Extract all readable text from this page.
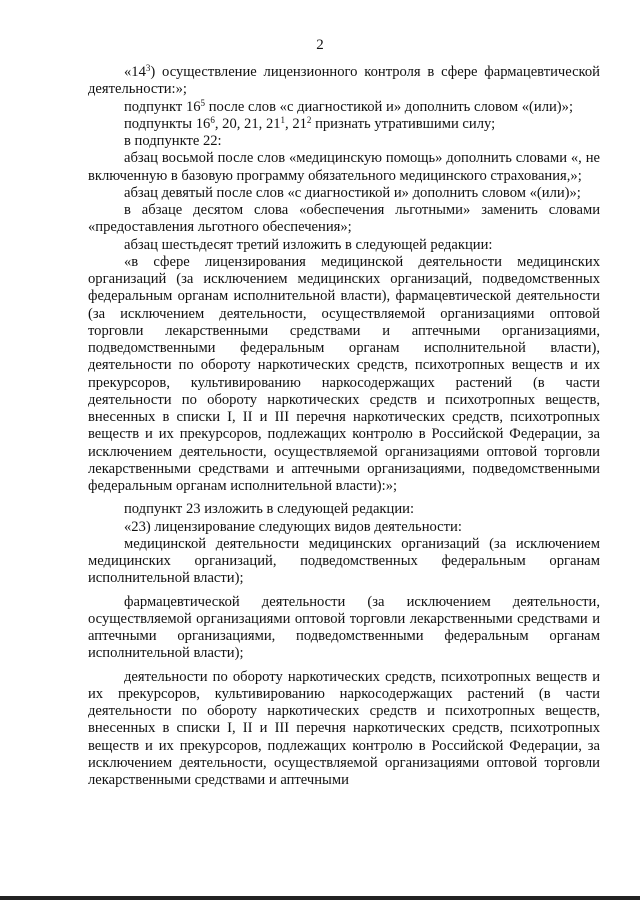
2

«$14^3$) осуществление лицензионного контроля в сфере фармацевтической деятельности:»;

подпункт $16^5$ после слов «с диагностикой и» дополнить словом «(или)»;

подпункты $16^6$, 20, 21, $21^1$, $21^2$ признать утратившими силу;

в подпункте 22:

абзац восьмой после слов «медицинскую помощь» дополнить словами «, не включенную в базовую программу обязательного медицинского страхования,»;

абзац девятый после слов «с диагностикой и» дополнить словом «(или)»;

в абзаце десятом слова «обеспечения льготными» заменить словами «предоставления льготного обеспечения»;

абзац шестьдесят третий изложить в следующей редакции:

«в сфере лицензирования медицинской деятельности медицинских организаций (за исключением медицинских организаций, подведомственных федеральным органам исполнительной власти), фармацевтической деятельности (за исключением деятельности, осуществляемой организациями оптовой торговли лекарственными средствами и аптечными организациями, подведомственными федеральным органам исполнительной власти), деятельности по обороту наркотических средств, психотропных веществ и их прекурсоров, культивированию наркосодержащих растений (в части деятельности по обороту наркотических средств и психотропных веществ, внесенных в списки I, II и III перечня наркотических средств, психотропных веществ и их прекурсоров, подлежащих контролю в Российской Федерации, за исключением деятельности, осуществляемой организациями оптовой торговли лекарственными средствами и аптечными организациями, подведомственными федеральным органам исполнительной власти):»;

подпункт 23 изложить в следующей редакции:

«23) лицензирование следующих видов деятельности:

медицинской деятельности медицинских организаций (за исключением медицинских организаций, подведомственных федеральным органам исполнительной власти);

фармацевтической деятельности (за исключением деятельности, осуществляемой организациями оптовой торговли лекарственными средствами и аптечными организациями, подведомственными федеральным органам исполнительной власти);

деятельности по обороту наркотических средств, психотропных веществ и их прекурсоров, культивированию наркосодержащих растений (в части деятельности по обороту наркотических средств и психотропных веществ, внесенных в списки I, II и III перечня наркотических средств, психотропных веществ и их прекурсоров, подлежащих контролю в Российской Федерации, за исключением деятельности, осуществляемой организациями оптовой торговли лекарственными средствами и аптечными
